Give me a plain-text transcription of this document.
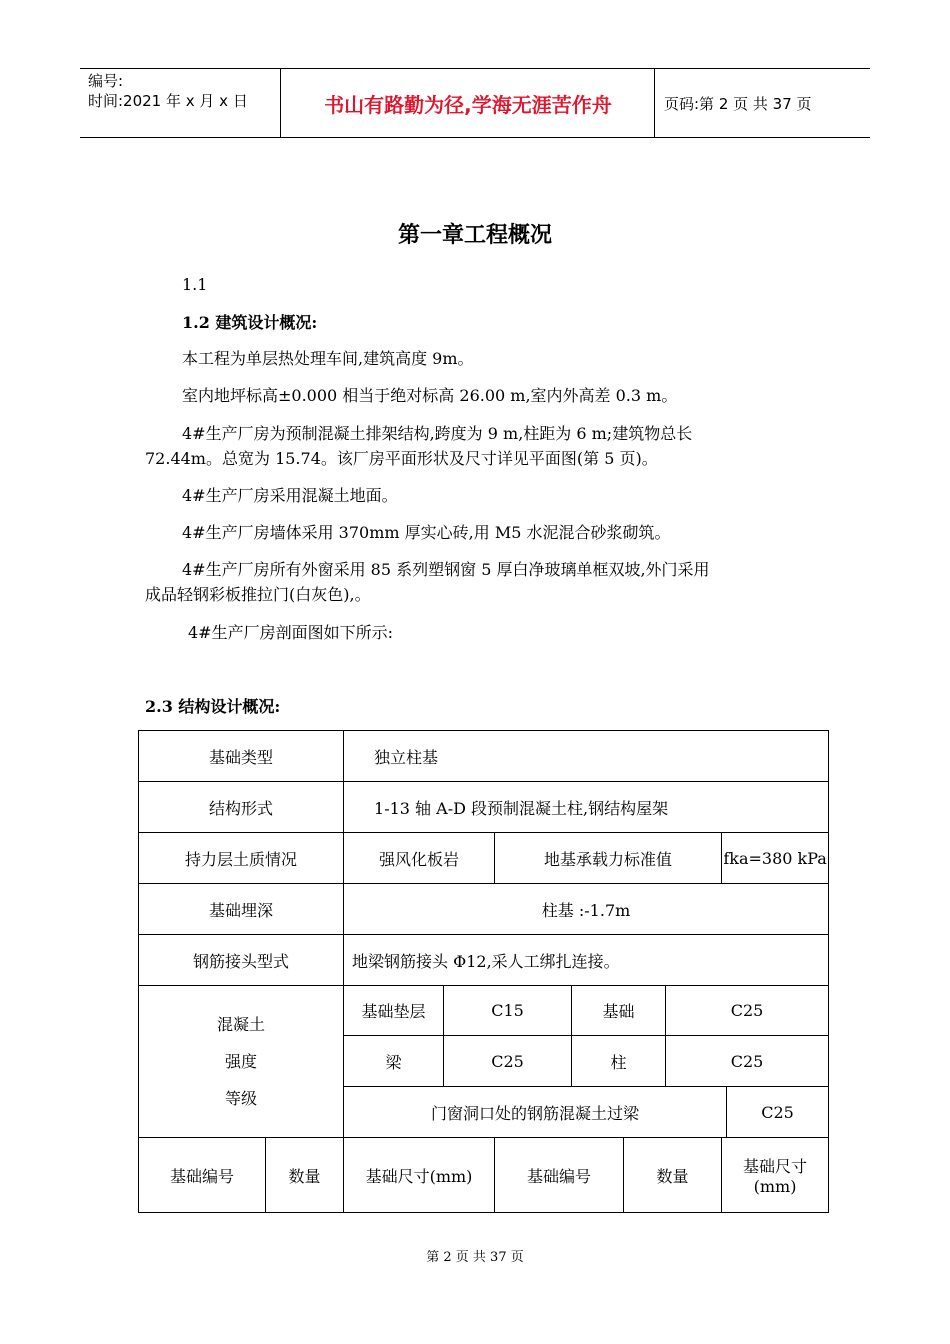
编号:
时间:2021 年 x 月 x 日	书山有路勤为径,学海无涯苦作舟	页码:第 2 页 共 37 页
第一章工程概况
1.1
1.2 建筑设计概况:
本工程为单层热处理车间,建筑高度 9m。
室内地坪标高±0.000 相当于绝对标高 26.00 m,室内外高差 0.3 m。
4#生产厂房为预制混凝土排架结构,跨度为 9 m,柱距为 6 m;建筑物总长
72.44m。总宽为 15.74。该厂房平面形状及尺寸详见平面图(第 5 页)。
4#生产厂房采用混凝土地面。
4#生产厂房墙体采用 370mm 厚实心砖,用 M5 水泥混合砂浆砌筑。
4#生产厂房所有外窗采用 85 系列塑钢窗 5 厚白净玻璃单框双坡,外门采用
成品轻钢彩板推拉门(白灰色),。
4#生产厂房剖面图如下所示:
2.3 结构设计概况:
基础类型		独立柱基							
结构形式		1-13 轴 A-D 段预制混凝土柱,钢结构屋架							
持力层土质情况		强风化板岩		地基承载力标准值				fka=380 kPa	
基础埋深		柱基 :-1.7m							
钢筋接头型式		地梁钢筋接头 Φ12,采人工绑扎连接。							

混凝土
强度
等级		基础垫层	C15		基础		C25		
		梁	C25		柱		C25		
		门窗洞口处的钢筋混凝土过梁							C25
基础编号	数量	基础尺寸(mm)		基础编号		数量		基础尺寸(mm)	
第 2 页 共 37 页
